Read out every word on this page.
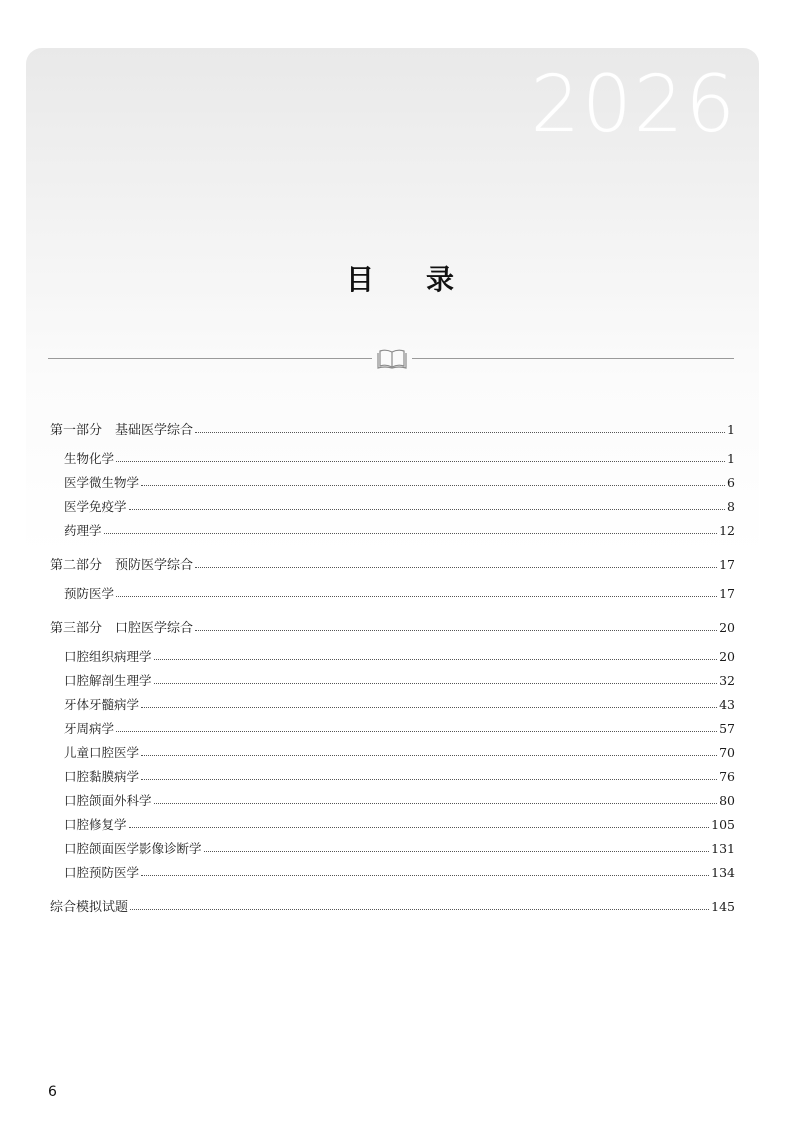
2026
目录
第一部分　基础医学综合	1
生物化学	1
医学微生物学	6
医学免疫学	8
药理学	12
第二部分　预防医学综合	17
预防医学	17
第三部分　口腔医学综合	20
口腔组织病理学	20
口腔解剖生理学	32
牙体牙髓病学	43
牙周病学	57
儿童口腔医学	70
口腔黏膜病学	76
口腔颌面外科学	80
口腔修复学	105
口腔颌面医学影像诊断学	131
口腔预防医学	134
综合模拟试题	145
6
